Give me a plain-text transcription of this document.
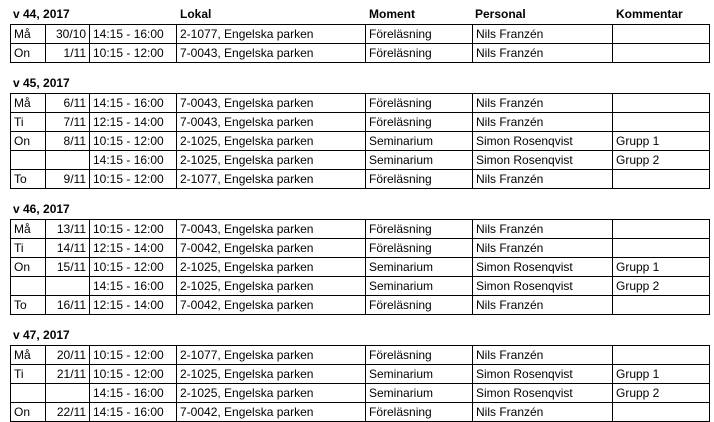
v 44, 2017	Lokal	Moment	Personal	Kommentar
Må	30/10	14:15 - 16:00	2-1077, Engelska parken	Föreläsning	Nils Franzén	
On	1/11	10:15 - 12:00	7-0043, Engelska parken	Föreläsning	Nils Franzén	
v 45, 2017
Må	6/11	14:15 - 16:00	7-0043, Engelska parken	Föreläsning	Nils Franzén	
Ti	7/11	12:15 - 14:00	7-0043, Engelska parken	Föreläsning	Nils Franzén	
On	8/11	10:15 - 12:00	2-1025, Engelska parken	Seminarium	Simon Rosenqvist	Grupp 1
		14:15 - 16:00	2-1025, Engelska parken	Seminarium	Simon Rosenqvist	Grupp 2
To	9/11	10:15 - 12:00	2-1077, Engelska parken	Föreläsning	Nils Franzén	
v 46, 2017
Må	13/11	10:15 - 12:00	7-0043, Engelska parken	Föreläsning	Nils Franzén	
Ti	14/11	12:15 - 14:00	7-0042, Engelska parken	Föreläsning	Nils Franzén	
On	15/11	10:15 - 12:00	2-1025, Engelska parken	Seminarium	Simon Rosenqvist	Grupp 1
		14:15 - 16:00	2-1025, Engelska parken	Seminarium	Simon Rosenqvist	Grupp 2
To	16/11	12:15 - 14:00	7-0042, Engelska parken	Föreläsning	Nils Franzén	
v 47, 2017
Må	20/11	10:15 - 12:00	2-1077, Engelska parken	Föreläsning	Nils Franzén	
Ti	21/11	10:15 - 12:00	2-1025, Engelska parken	Seminarium	Simon Rosenqvist	Grupp 1
		14:15 - 16:00	2-1025, Engelska parken	Seminarium	Simon Rosenqvist	Grupp 2
On	22/11	14:15 - 16:00	7-0042, Engelska parken	Föreläsning	Nils Franzén	
